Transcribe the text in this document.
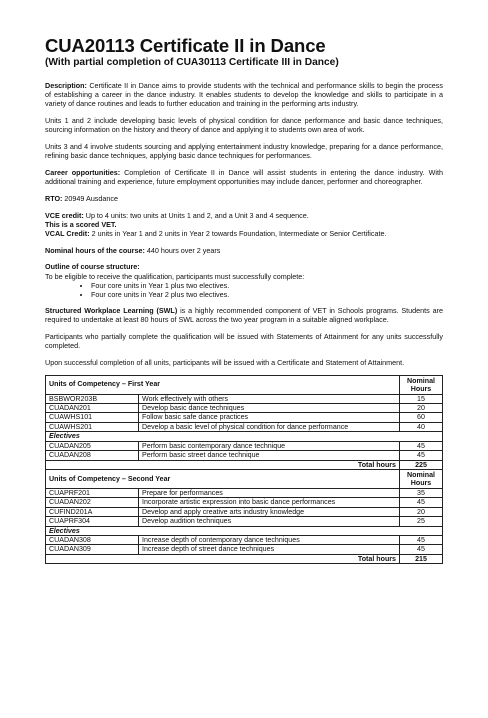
CUA20113 Certificate II in Dance
(With partial completion of CUA30113 Certificate III in Dance)

Description: Certificate II in Dance aims to provide students with the technical and performance skills to begin the process of establishing a career in the dance industry. It enables students to develop the knowledge and skills to participate in a variety of dance routines and leads to further education and training in the performing arts industry.

Units 1 and 2 include developing basic levels of physical condition for dance performance and basic dance techniques, sourcing information on the history and theory of dance and applying it to students own area of work.

Units 3 and 4 involve students sourcing and applying entertainment industry knowledge, preparing for a dance performance, refining basic dance techniques, applying basic dance techniques for performances.

Career opportunities: Completion of Certificate II in Dance will assist students in entering the dance industry. With additional training and experience, future employment opportunities may include dancer, performer and choreographer.

RTO: 20949 Ausdance

VCE credit: Up to 4 units: two units at Units 1 and 2, and a Unit 3 and 4 sequence.

This is a scored VET.

VCAL Credit: 2 units in Year 1 and 2 units in Year 2 towards Foundation, Intermediate or Senior Certificate.

Nominal hours of the course: 440 hours over 2 years

Outline of course structure:

To be eligible to receive the qualification, participants must successfully complete:

• Four core units in Year 1 plus two electives.
• Four core units in Year 2 plus two electives.

Structured Workplace Learning (SWL) is a highly recommended component of VET in Schools programs. Students are required to undertake at least 80 hours of SWL across the two year program in a suitable aligned workplace.

Participants who partially complete the qualification will be issued with Statements of Attainment for any units successfully completed.

Upon successful completion of all units, participants will be issued with a Certificate and Statement of Attainment.

Units of Competency – First Year		Nominal Hours
BSBWOR203B	Work effectively with others	15
CUADAN201	Develop basic dance techniques	20
CUAWHS101	Follow basic safe dance practices	60
CUAWHS201	Develop a basic level of physical condition for dance performance	40
Electives		
CUADAN205	Perform basic contemporary dance technique	45
CUADAN208	Perform basic street dance technique	45
Total hours		225
Units of Competency – Second Year		Nominal Hours
CUAPRF201	Prepare for performances	35
CUADAN202	Incorporate artistic expression into basic dance performances	45
CUFIND201A	Develop and apply creative arts industry knowledge	20
CUAPRF304	Develop audition techniques	25
Electives		
CUADAN308	Increase depth of contemporary dance techniques	45
CUADAN309	Increase depth of street dance techniques	45
Total hours		215
